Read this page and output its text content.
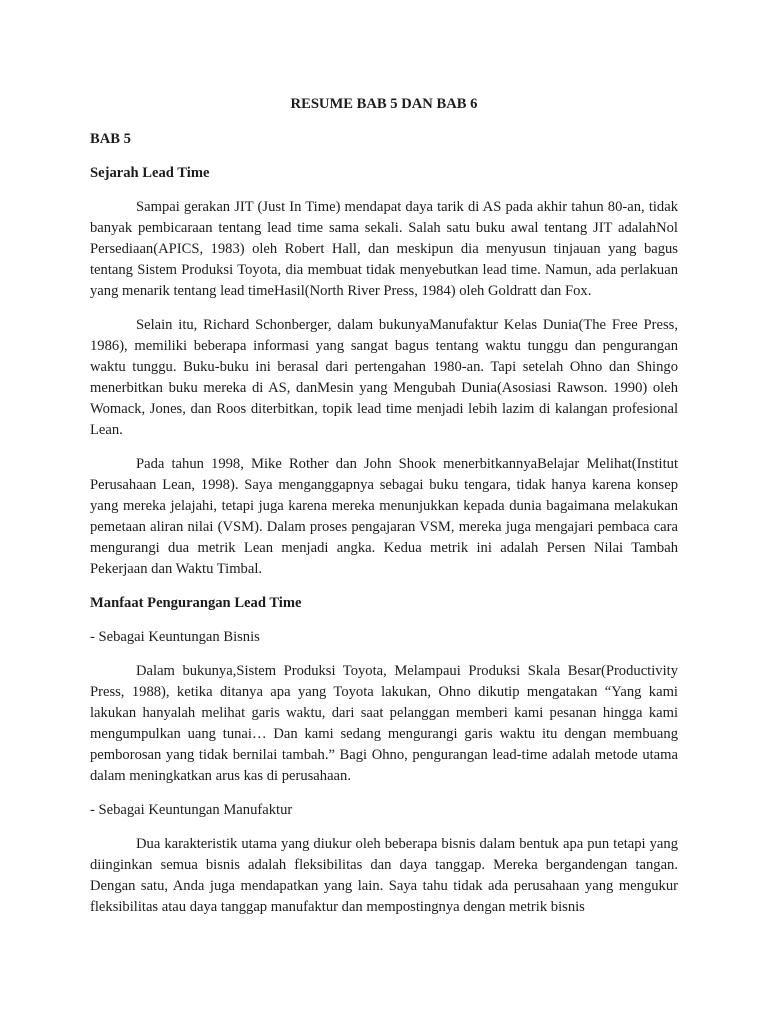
RESUME BAB 5 DAN BAB 6
BAB 5
Sejarah Lead Time

Sampai gerakan JIT (Just In Time) mendapat daya tarik di AS pada akhir tahun 80-an, tidak banyak pembicaraan tentang lead time sama sekali. Salah satu buku awal tentang JIT adalahNol Persediaan(APICS, 1983) oleh Robert Hall, dan meskipun dia menyusun tinjauan yang bagus tentang Sistem Produksi Toyota, dia membuat tidak menyebutkan lead time. Namun, ada perlakuan yang menarik tentang lead timeHasil(North River Press, 1984) oleh Goldratt dan Fox.

Selain itu, Richard Schonberger, dalam bukunyaManufaktur Kelas Dunia(The Free Press, 1986), memiliki beberapa informasi yang sangat bagus tentang waktu tunggu dan pengurangan waktu tunggu. Buku-buku ini berasal dari pertengahan 1980-an. Tapi setelah Ohno dan Shingo menerbitkan buku mereka di AS, danMesin yang Mengubah Dunia(Asosiasi Rawson. 1990) oleh Womack, Jones, dan Roos diterbitkan, topik lead time menjadi lebih lazim di kalangan profesional Lean.

Pada tahun 1998, Mike Rother dan John Shook menerbitkannyaBelajar Melihat(Institut Perusahaan Lean, 1998). Saya menganggapnya sebagai buku tengara, tidak hanya karena konsep yang mereka jelajahi, tetapi juga karena mereka menunjukkan kepada dunia bagaimana melakukan pemetaan aliran nilai (VSM). Dalam proses pengajaran VSM, mereka juga mengajari pembaca cara mengurangi dua metrik Lean menjadi angka. Kedua metrik ini adalah Persen Nilai Tambah Pekerjaan dan Waktu Timbal.

Manfaat Pengurangan Lead Time
- Sebagai Keuntungan Bisnis

Dalam bukunya,Sistem Produksi Toyota, Melampaui Produksi Skala Besar(Productivity Press, 1988), ketika ditanya apa yang Toyota lakukan, Ohno dikutip mengatakan “Yang kami lakukan hanyalah melihat garis waktu, dari saat pelanggan memberi kami pesanan hingga kami mengumpulkan uang tunai… Dan kami sedang mengurangi garis waktu itu dengan membuang pemborosan yang tidak bernilai tambah.” Bagi Ohno, pengurangan lead-time adalah metode utama dalam meningkatkan arus kas di perusahaan.

- Sebagai Keuntungan Manufaktur

Dua karakteristik utama yang diukur oleh beberapa bisnis dalam bentuk apa pun tetapi yang diinginkan semua bisnis adalah fleksibilitas dan daya tanggap. Mereka bergandengan tangan. Dengan satu, Anda juga mendapatkan yang lain. Saya tahu tidak ada perusahaan yang mengukur fleksibilitas atau daya tanggap manufaktur dan mempostingnya dengan metrik bisnis
